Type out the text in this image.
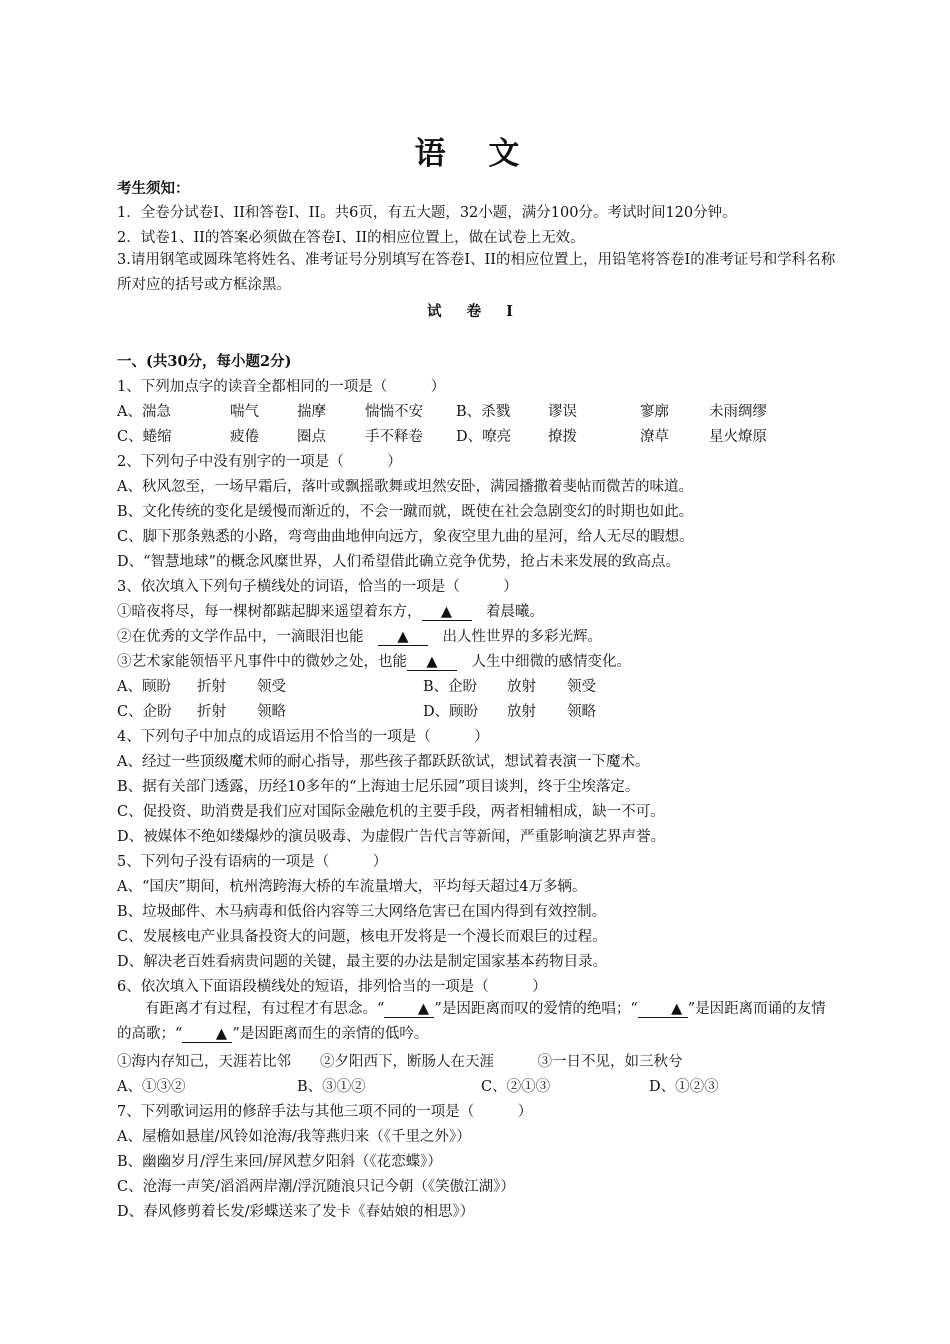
语 文
考生须知：
1．全卷分试卷Ⅰ、II和答卷Ⅰ、II。共6页，有五大题，32小题，满分100分。考试时间120分钟。
2．试卷1、II的答案必须做在答卷Ⅰ、II的相应位置上，做在试卷上无效。
3.请用钢笔或圆珠笔将姓名、准考证号分别填写在答卷Ⅰ、II的相应位置上，用铅笔将答卷Ⅰ的准考证号和学科名称所对应的括号或方框涂黑。
试 卷 Ⅰ
一、(共30分，每小题2分)
1、下列加点字的读音全都相同的一项是（　　　）
A、湍急	喘气	揣摩	惴惴不安 B、杀戮	谬误	寥廓	未雨绸缪
C、蜷缩	疲倦	圈点	手不释卷 D、嘹亮	撩拨	潦草	星火燎原
2、下列句子中没有别字的一项是（　　　）
A、秋风忽至，一场早霜后，落叶或飘摇歌舞或坦然安卧，满园播撒着斐帖而微苦的味道。
B、文化传统的变化是缓慢而渐近的，不会一蹴而就，既使在社会急剧变幻的时期也如此。
C、脚下那条熟悉的小路，弯弯曲曲地伸向远方，象夜空里九曲的星河，给人无尽的暇想。
D、“智慧地球”的概念风糜世界，人们希望借此确立竞争优势，抢占未来发展的致高点。
3、依次填入下列句子横线处的词语，恰当的一项是（　　　）
①暗夜将尽，每一棵树都踮起脚来遥望着东方， ▲　 着晨曦。
②在优秀的文学作品中，一滴眼泪也能　 ▲　 出人性世界的多彩光辉。
③艺术家能领悟平凡事件中的微妙之处，也能 ▲　 人生中细微的感情变化。
A、顾盼 折射 领受	B、企盼 放射 领受
C、企盼 折射 领略	D、顾盼 放射 领略
4、下列句子中加点的成语运用不恰当的一项是（　　　）
A、经过一些顶级魔术师的耐心指导，那些孩子都跃跃欲试，想试着表演一下魔术。
B、据有关部门透露，历经10多年的“上海迪士尼乐园”项目谈判，终于尘埃落定。
C、促投资、助消费是我们应对国际金融危机的主要手段，两者相辅相成，缺一不可。
D、被媒体不绝如缕爆炒的演员吸毒、为虚假广告代言等新闻，严重影响演艺界声誉。
5、下列句子没有语病的一项是（　　　）
A、“国庆”期间，杭州湾跨海大桥的车流量增大，平均每天超过4万多辆。
B、垃圾邮件、木马病毒和低俗内容等三大网络危害已在国内得到有效控制。
C、发展核电产业具备投资大的问题，核电开发将是一个漫长而艰巨的过程。
D、解决老百姓看病贵问题的关键，最主要的办法是制定国家基本药物目录。
6、依次填入下面语段横线处的短语，排列恰当的一项是（　　　）
有距离才有过程，有过程才有思念。“ ▲ ”是因距离而叹的爱情的绝唱；“ ▲ ”是因距离而诵的友情的高歌；“ ▲ ”是因距离而生的亲情的低吟。
①海内存知己，天涯若比邻　　②夕阳西下，断肠人在天涯　　　③一日不见，如三秋兮
A、①③②	B、③①②	C、②①③	D、①②③
7、下列歌词运用的修辞手法与其他三项不同的一项是（　　　）
A、屋檐如悬崖/风铃如沧海/我等燕归来（《千里之外》）
B、幽幽岁月/浮生来回/屏风惹夕阳斜（《花恋蝶》）
C、沧海一声笑/滔滔两岸潮/浮沉随浪只记今朝（《笑傲江湖》）
D、春风修剪着长发/彩蝶送来了发卡《春姑娘的相思》）
